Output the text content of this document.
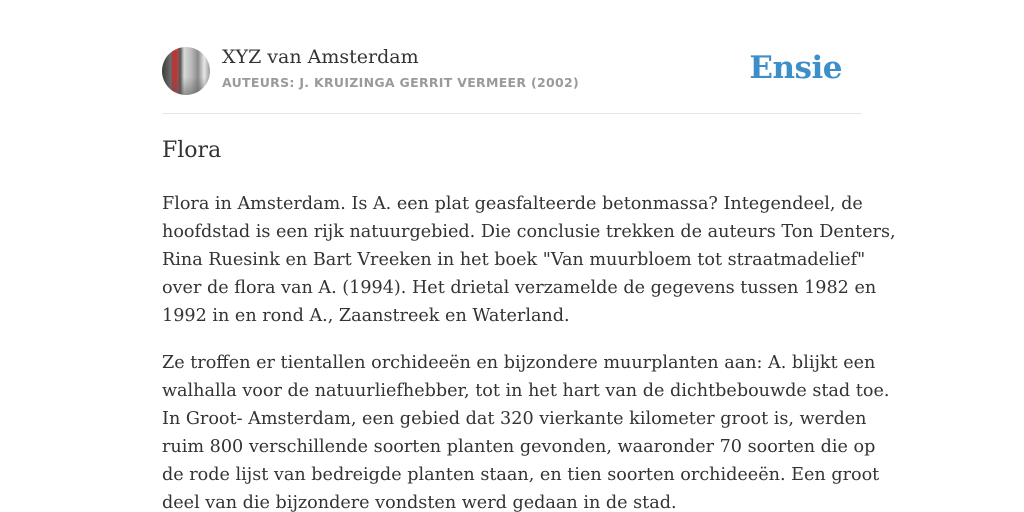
XYZ van Amsterdam
AUTEURS: J. KRUIZINGA GERRIT VERMEER (2002)	Ensie
Flora

Flora in Amsterdam. Is A. een plat geasfalteerde betonmassa? Integendeel, de
hoofdstad is een rijk natuurgebied. Die conclusie trekken de auteurs Ton Denters,
Rina Ruesink en Bart Vreeken in het boek "Van muurbloem tot straatmadelief"
over de flora van A. (1994). Het drietal verzamelde de gegevens tussen 1982 en
1992 in en rond A., Zaanstreek en Waterland.

Ze troffen er tientallen orchideeën en bijzondere muurplanten aan: A. blijkt een
walhalla voor de natuurliefhebber, tot in het hart van de dichtbebouwde stad toe.
In Groot- Amsterdam, een gebied dat 320 vierkante kilometer groot is, werden
ruim 800 verschillende soorten planten gevonden, waaronder 70 soorten die op
de rode lijst van bedreigde planten staan, en tien soorten orchideeën. Een groot
deel van die bijzondere vondsten werd gedaan in de stad.
